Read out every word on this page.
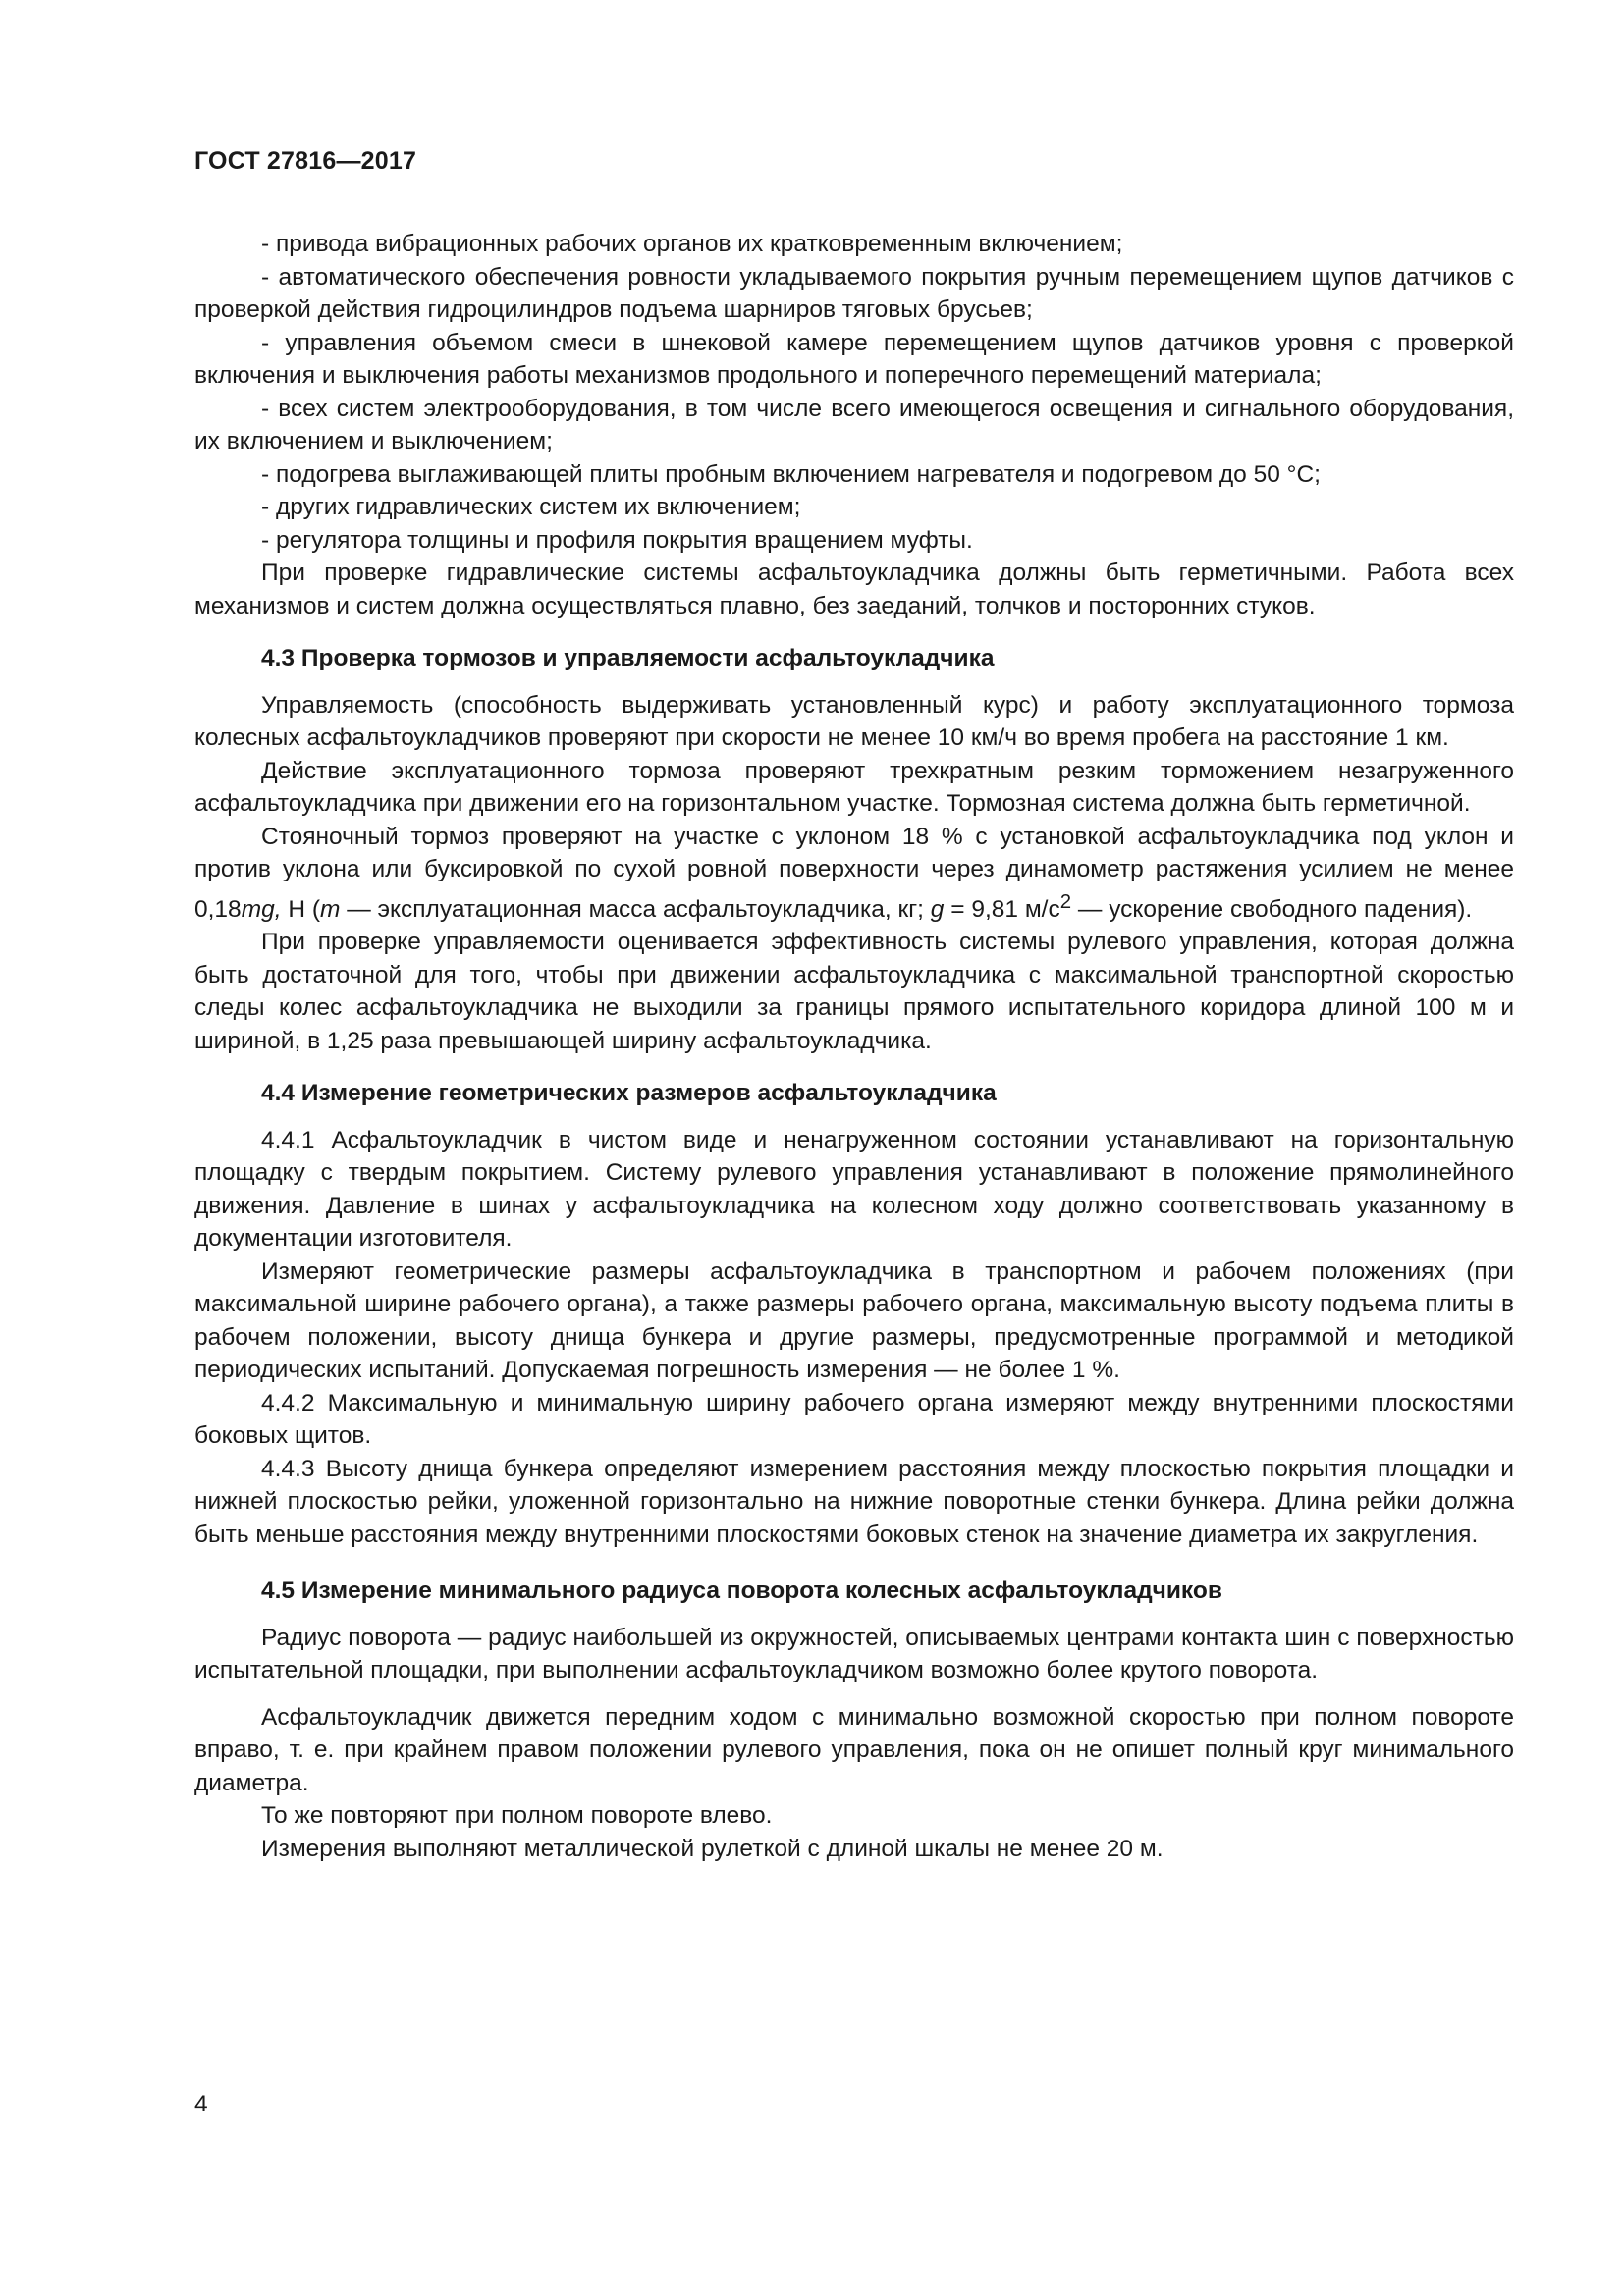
ГОСТ 27816—2017

- привода вибрационных рабочих органов их кратковременным включением;

- автоматического обеспечения ровности укладываемого покрытия ручным перемещением щупов датчиков с проверкой действия гидроцилиндров подъема шарниров тяговых брусьев;

- управления объемом смеси в шнековой камере перемещением щупов датчиков уровня с проверкой включения и выключения работы механизмов продольного и поперечного перемещений материала;

- всех систем электрооборудования, в том числе всего имеющегося освещения и сигнального оборудования, их включением и выключением;

- подогрева выглаживающей плиты пробным включением нагревателя и подогревом до 50 °С;

- других гидравлических систем их включением;

- регулятора толщины и профиля покрытия вращением муфты.

При проверке гидравлические системы асфальтоукладчика должны быть герметичными. Работа всех механизмов и систем должна осуществляться плавно, без заеданий, толчков и посторонних стуков.

4.3 Проверка тормозов и управляемости асфальтоукладчика

Управляемость (способность выдерживать установленный курс) и работу эксплуатационного тормоза колесных асфальтоукладчиков проверяют при скорости не менее 10 км/ч во время пробега на расстояние 1 км.

Действие эксплуатационного тормоза проверяют трехкратным резким торможением незагруженного асфальтоукладчика при движении его на горизонтальном участке. Тормозная система должна быть герметичной.

Стояночный тормоз проверяют на участке с уклоном 18 % с установкой асфальтоукладчика под уклон и против уклона или буксировкой по сухой ровной поверхности через динамометр растяжения усилием не менее 0,18mg, Н (m — эксплуатационная масса асфальтоукладчика, кг; g = 9,81 $м/с^2$ — ускорение свободного падения).

При проверке управляемости оценивается эффективность системы рулевого управления, которая должна быть достаточной для того, чтобы при движении асфальтоукладчика с максимальной транспортной скоростью следы колес асфальтоукладчика не выходили за границы прямого испытательного коридора длиной 100 м и шириной, в 1,25 раза превышающей ширину асфальтоукладчика.

4.4 Измерение геометрических размеров асфальтоукладчика

4.4.1 Асфальтоукладчик в чистом виде и ненагруженном состоянии устанавливают на горизонтальную площадку с твердым покрытием. Систему рулевого управления устанавливают в положение прямолинейного движения. Давление в шинах у асфальтоукладчика на колесном ходу должно соответствовать указанному в документации изготовителя.

Измеряют геометрические размеры асфальтоукладчика в транспортном и рабочем положениях (при максимальной ширине рабочего органа), а также размеры рабочего органа, максимальную высоту подъема плиты в рабочем положении, высоту днища бункера и другие размеры, предусмотренные программой и методикой периодических испытаний. Допускаемая погрешность измерения — не более 1 %.

4.4.2 Максимальную и минимальную ширину рабочего органа измеряют между внутренними плоскостями боковых щитов.

4.4.3 Высоту днища бункера определяют измерением расстояния между плоскостью покрытия площадки и нижней плоскостью рейки, уложенной горизонтально на нижние поворотные стенки бункера. Длина рейки должна быть меньше расстояния между внутренними плоскостями боковых стенок на значение диаметра их закругления.

4.5 Измерение минимального радиуса поворота колесных асфальтоукладчиков

Радиус поворота — радиус наибольшей из окружностей, описываемых центрами контакта шин с поверхностью испытательной площадки, при выполнении асфальтоукладчиком возможно более крутого поворота.

Асфальтоукладчик движется передним ходом с минимально возможной скоростью при полном повороте вправо, т. е. при крайнем правом положении рулевого управления, пока он не опишет полный круг минимального диаметра.

То же повторяют при полном повороте влево.

Измерения выполняют металлической рулеткой с длиной шкалы не менее 20 м.

4
